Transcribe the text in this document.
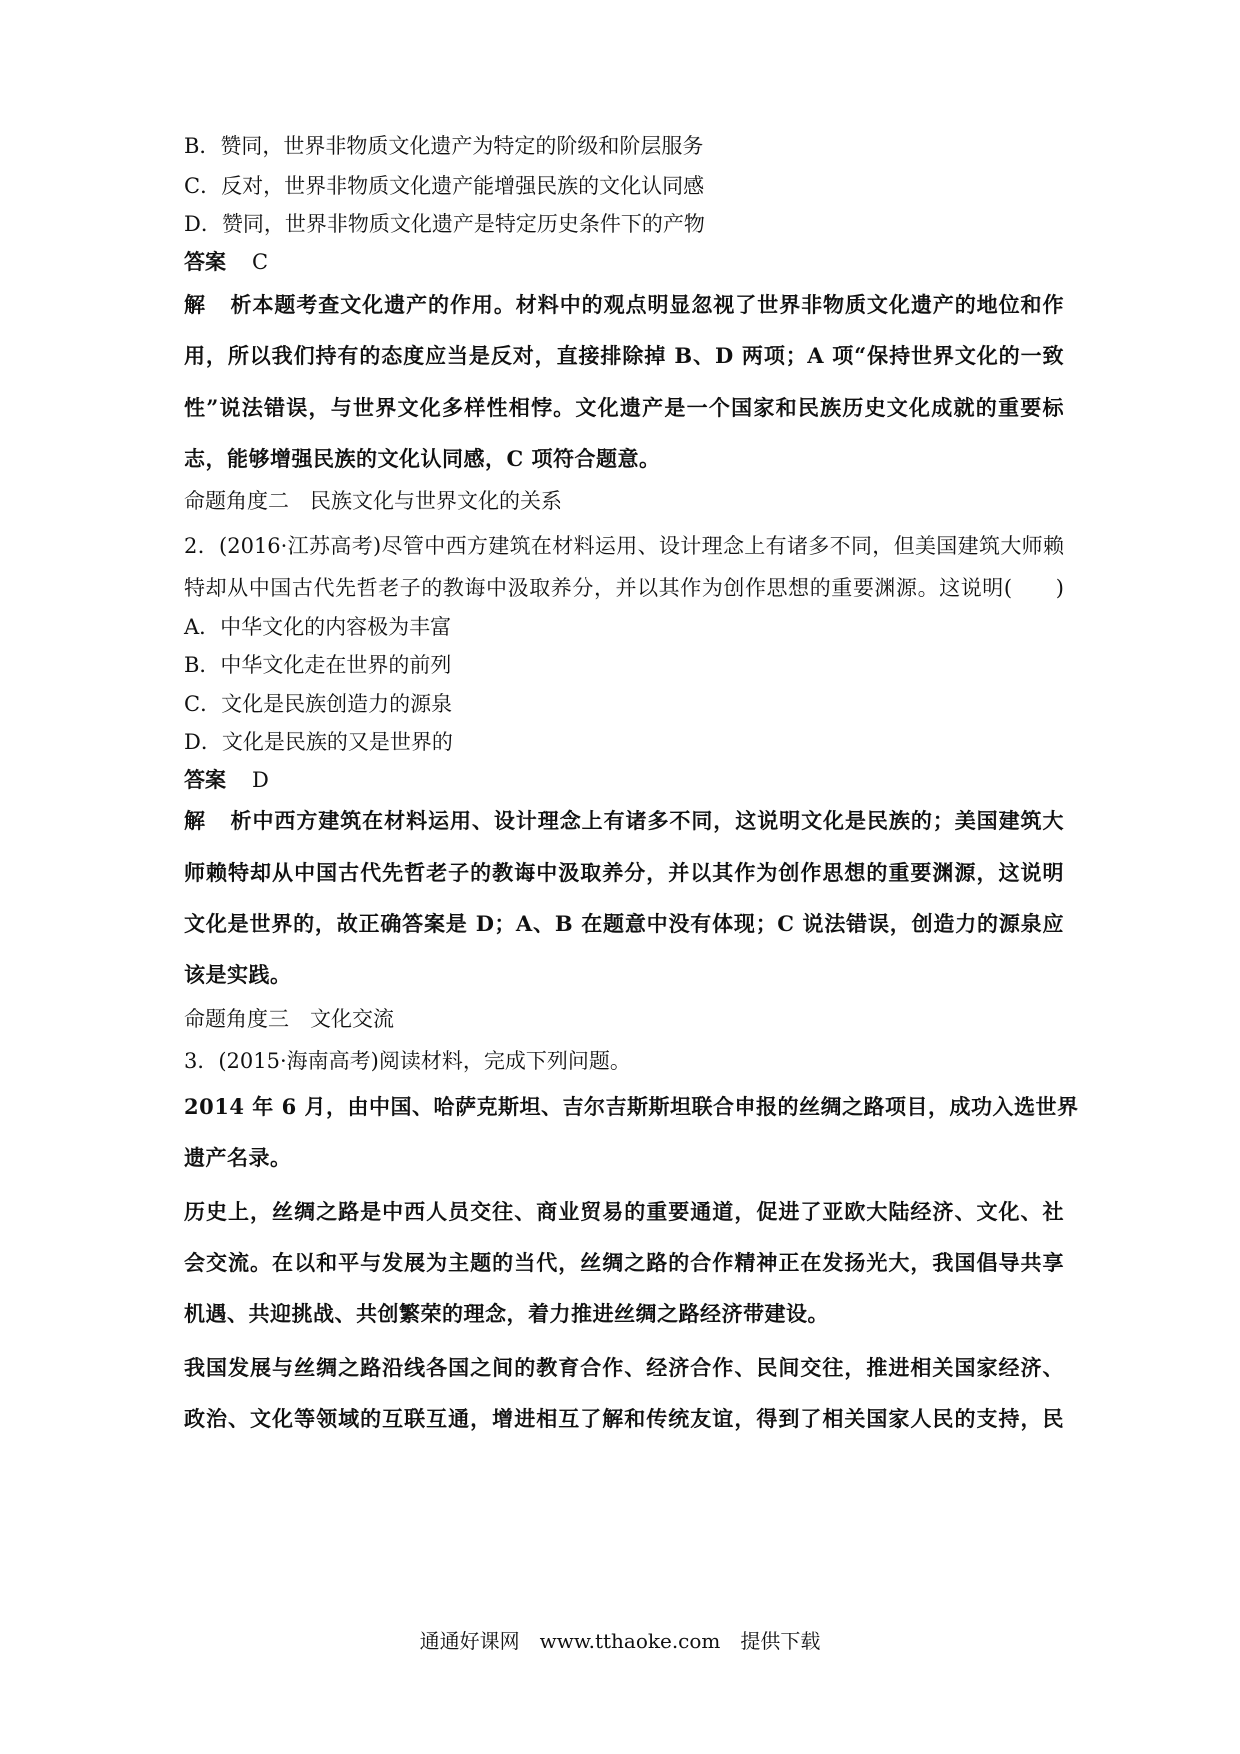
B．赞同，世界非物质文化遗产为特定的阶级和阶层服务
C．反对，世界非物质文化遗产能增强民族的文化认同感
D．赞同，世界非物质文化遗产是特定历史条件下的产物
答案 C
解析本题考查文化遗产的作用。材料中的观点明显忽视了世界非物质文化遗产的地位和作
用，所以我们持有的态度应当是反对，直接排除掉 B、D 两项；A 项“保持世界文化的一致
性”说法错误，与世界文化多样性相悖。文化遗产是一个国家和民族历史文化成就的重要标
志，能够增强民族的文化认同感，C 项符合题意。
命题角度二　民族文化与世界文化的关系
2．(2016·江苏高考)尽管中西方建筑在材料运用、设计理念上有诸多不同，但美国建筑大师赖
特却从中国古代先哲老子的教诲中汲取养分，并以其作为创作思想的重要渊源。这说明(　　)
A．中华文化的内容极为丰富
B．中华文化走在世界的前列
C．文化是民族创造力的源泉
D．文化是民族的又是世界的
答案 D
解析中西方建筑在材料运用、设计理念上有诸多不同，这说明文化是民族的；美国建筑大
师赖特却从中国古代先哲老子的教诲中汲取养分，并以其作为创作思想的重要渊源，这说明
文化是世界的，故正确答案是 D；A、B 在题意中没有体现；C 说法错误，创造力的源泉应
该是实践。
命题角度三　文化交流
3．(2015·海南高考)阅读材料，完成下列问题。
2014 年 6 月，由中国、哈萨克斯坦、吉尔吉斯斯坦联合申报的丝绸之路项目，成功入选世界
遗产名录。
历史上，丝绸之路是中西人员交往、商业贸易的重要通道，促进了亚欧大陆经济、文化、社
会交流。在以和平与发展为主题的当代，丝绸之路的合作精神正在发扬光大，我国倡导共享
机遇、共迎挑战、共创繁荣的理念，着力推进丝绸之路经济带建设。
我国发展与丝绸之路沿线各国之间的教育合作、经济合作、民间交往，推进相关国家经济、
政治、文化等领域的互联互通，增进相互了解和传统友谊，得到了相关国家人民的支持，民
通通好课网　www.tthaoke.com　提供下载
